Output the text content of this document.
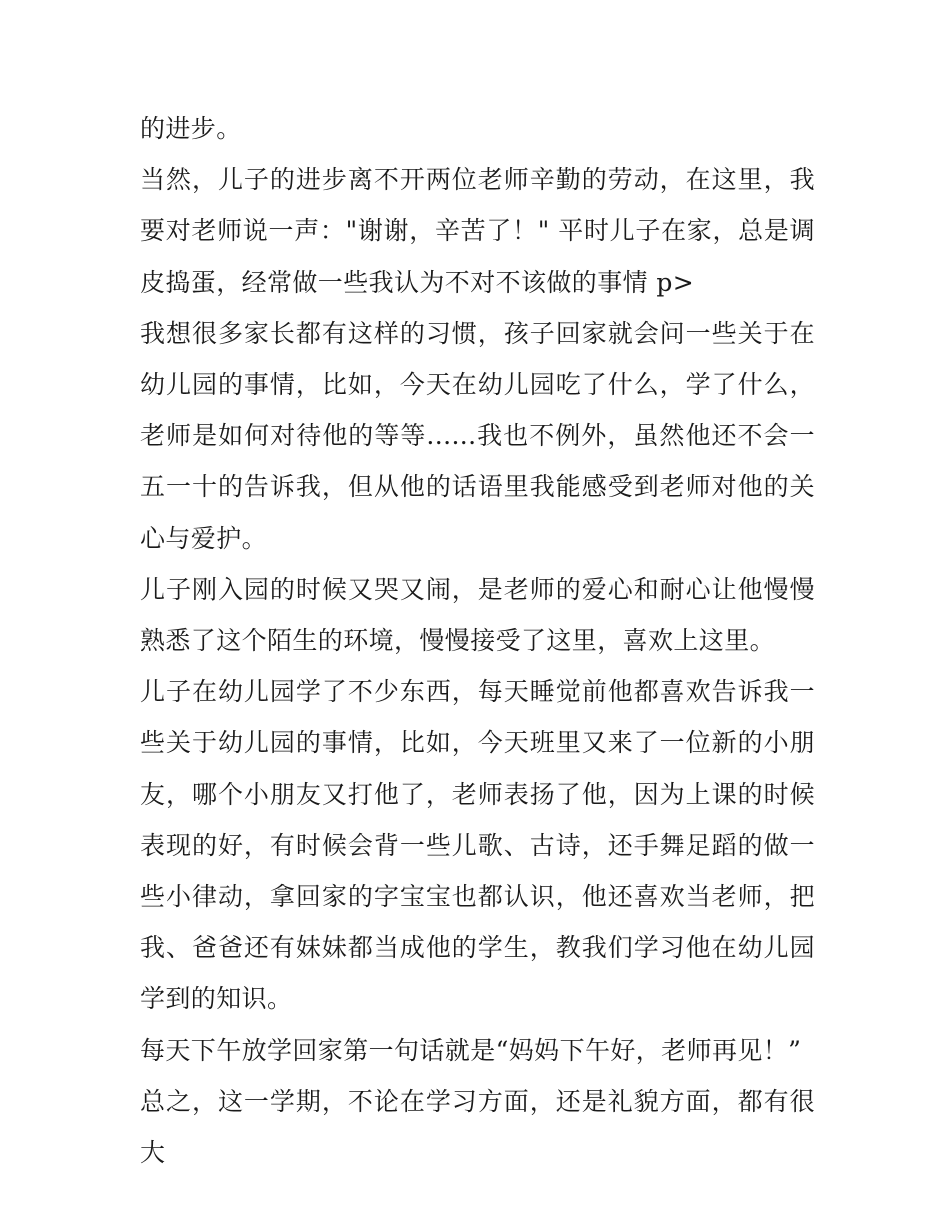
的进步。

当然，儿子的进步离不开两位老师辛勤的劳动，在这里，我要对老师说一声："谢谢，辛苦了！" 平时儿子在家，总是调皮捣蛋，经常做一些我认为不对不该做的事情 p>

我想很多家长都有这样的习惯，孩子回家就会问一些关于在幼儿园的事情，比如，今天在幼儿园吃了什么，学了什么，老师是如何对待他的等等......我也不例外，虽然他还不会一五一十的告诉我，但从他的话语里我能感受到老师对他的关心与爱护。

儿子刚入园的时候又哭又闹，是老师的爱心和耐心让他慢慢熟悉了这个陌生的环境，慢慢接受了这里，喜欢上这里。

儿子在幼儿园学了不少东西，每天睡觉前他都喜欢告诉我一些关于幼儿园的事情，比如，今天班里又来了一位新的小朋友，哪个小朋友又打他了，老师表扬了他，因为上课的时候表现的好，有时候会背一些儿歌、古诗，还手舞足蹈的做一些小律动，拿回家的字宝宝也都认识，他还喜欢当老师，把我、爸爸还有妹妹都当成他的学生，教我们学习他在幼儿园学到的知识。

每天下午放学回家第一句话就是“妈妈下午好，老师再见！”

总之，这一学期，不论在学习方面，还是礼貌方面，都有很大
